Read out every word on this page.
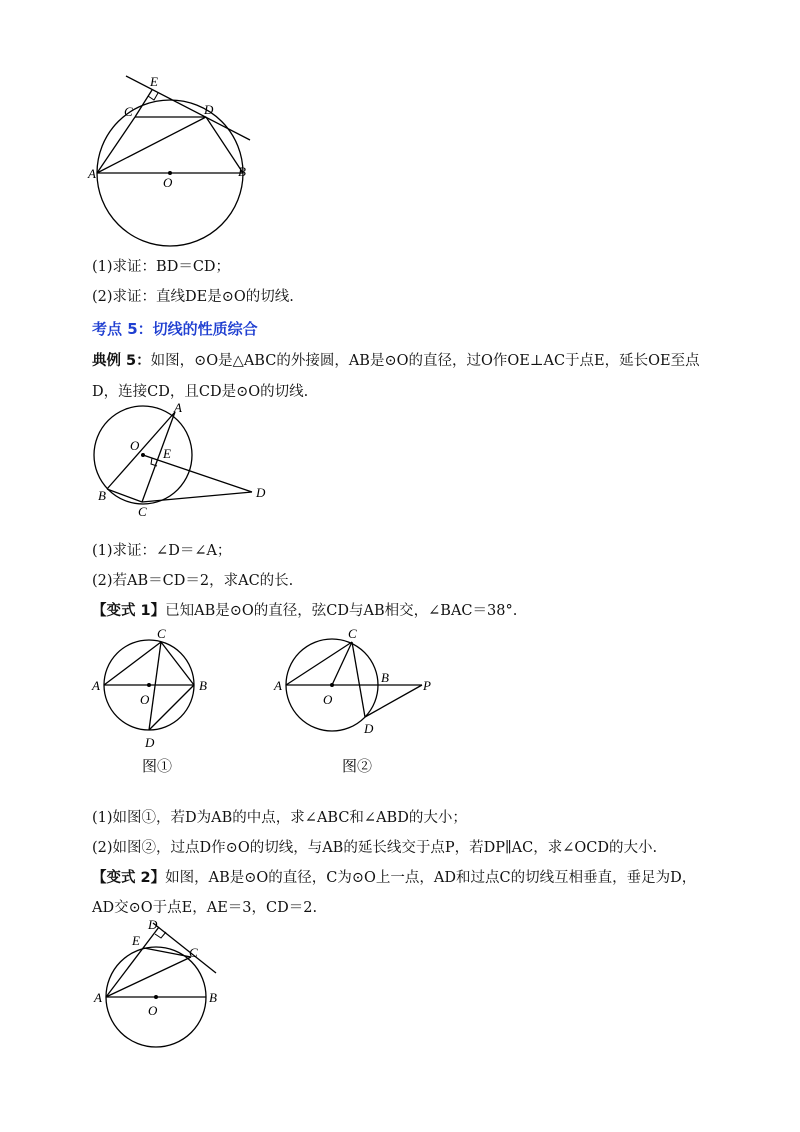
E
C	D
A
O
B
(1)求证：BD＝CD；
(2)求证：直线DE是⊙O的切线.
考点 5：切线的性质综合
典例 5：如图，⊙O是△ABC的外接圆，AB是⊙O的直径，过O作OE⊥AC于点E，延长OE至点
D，连接CD，且CD是⊙O的切线.
A
O
E
B
C
D
(1)求证：∠D＝∠A；
(2)若AB＝CD＝2，求AC的长.
【变式 1】已知AB是⊙O的直径，弦CD与AB相交，∠BAC＝38°.
C
A
O
B
D
图①
C
A
O
B
P
D
图②
(1)如图①，若D为AB的中点，求∠ABC和∠ABD的大小；
(2)如图②，过点D作⊙O的切线，与AB的延长线交于点P，若DP∥AC，求∠OCD的大小.
【变式 2】如图，AB是⊙O的直径，C为⊙O上一点，AD和过点C的切线互相垂直，垂足为D，
AD交⊙O于点E，AE＝3，CD＝2.
D
E
C
A
O
B
